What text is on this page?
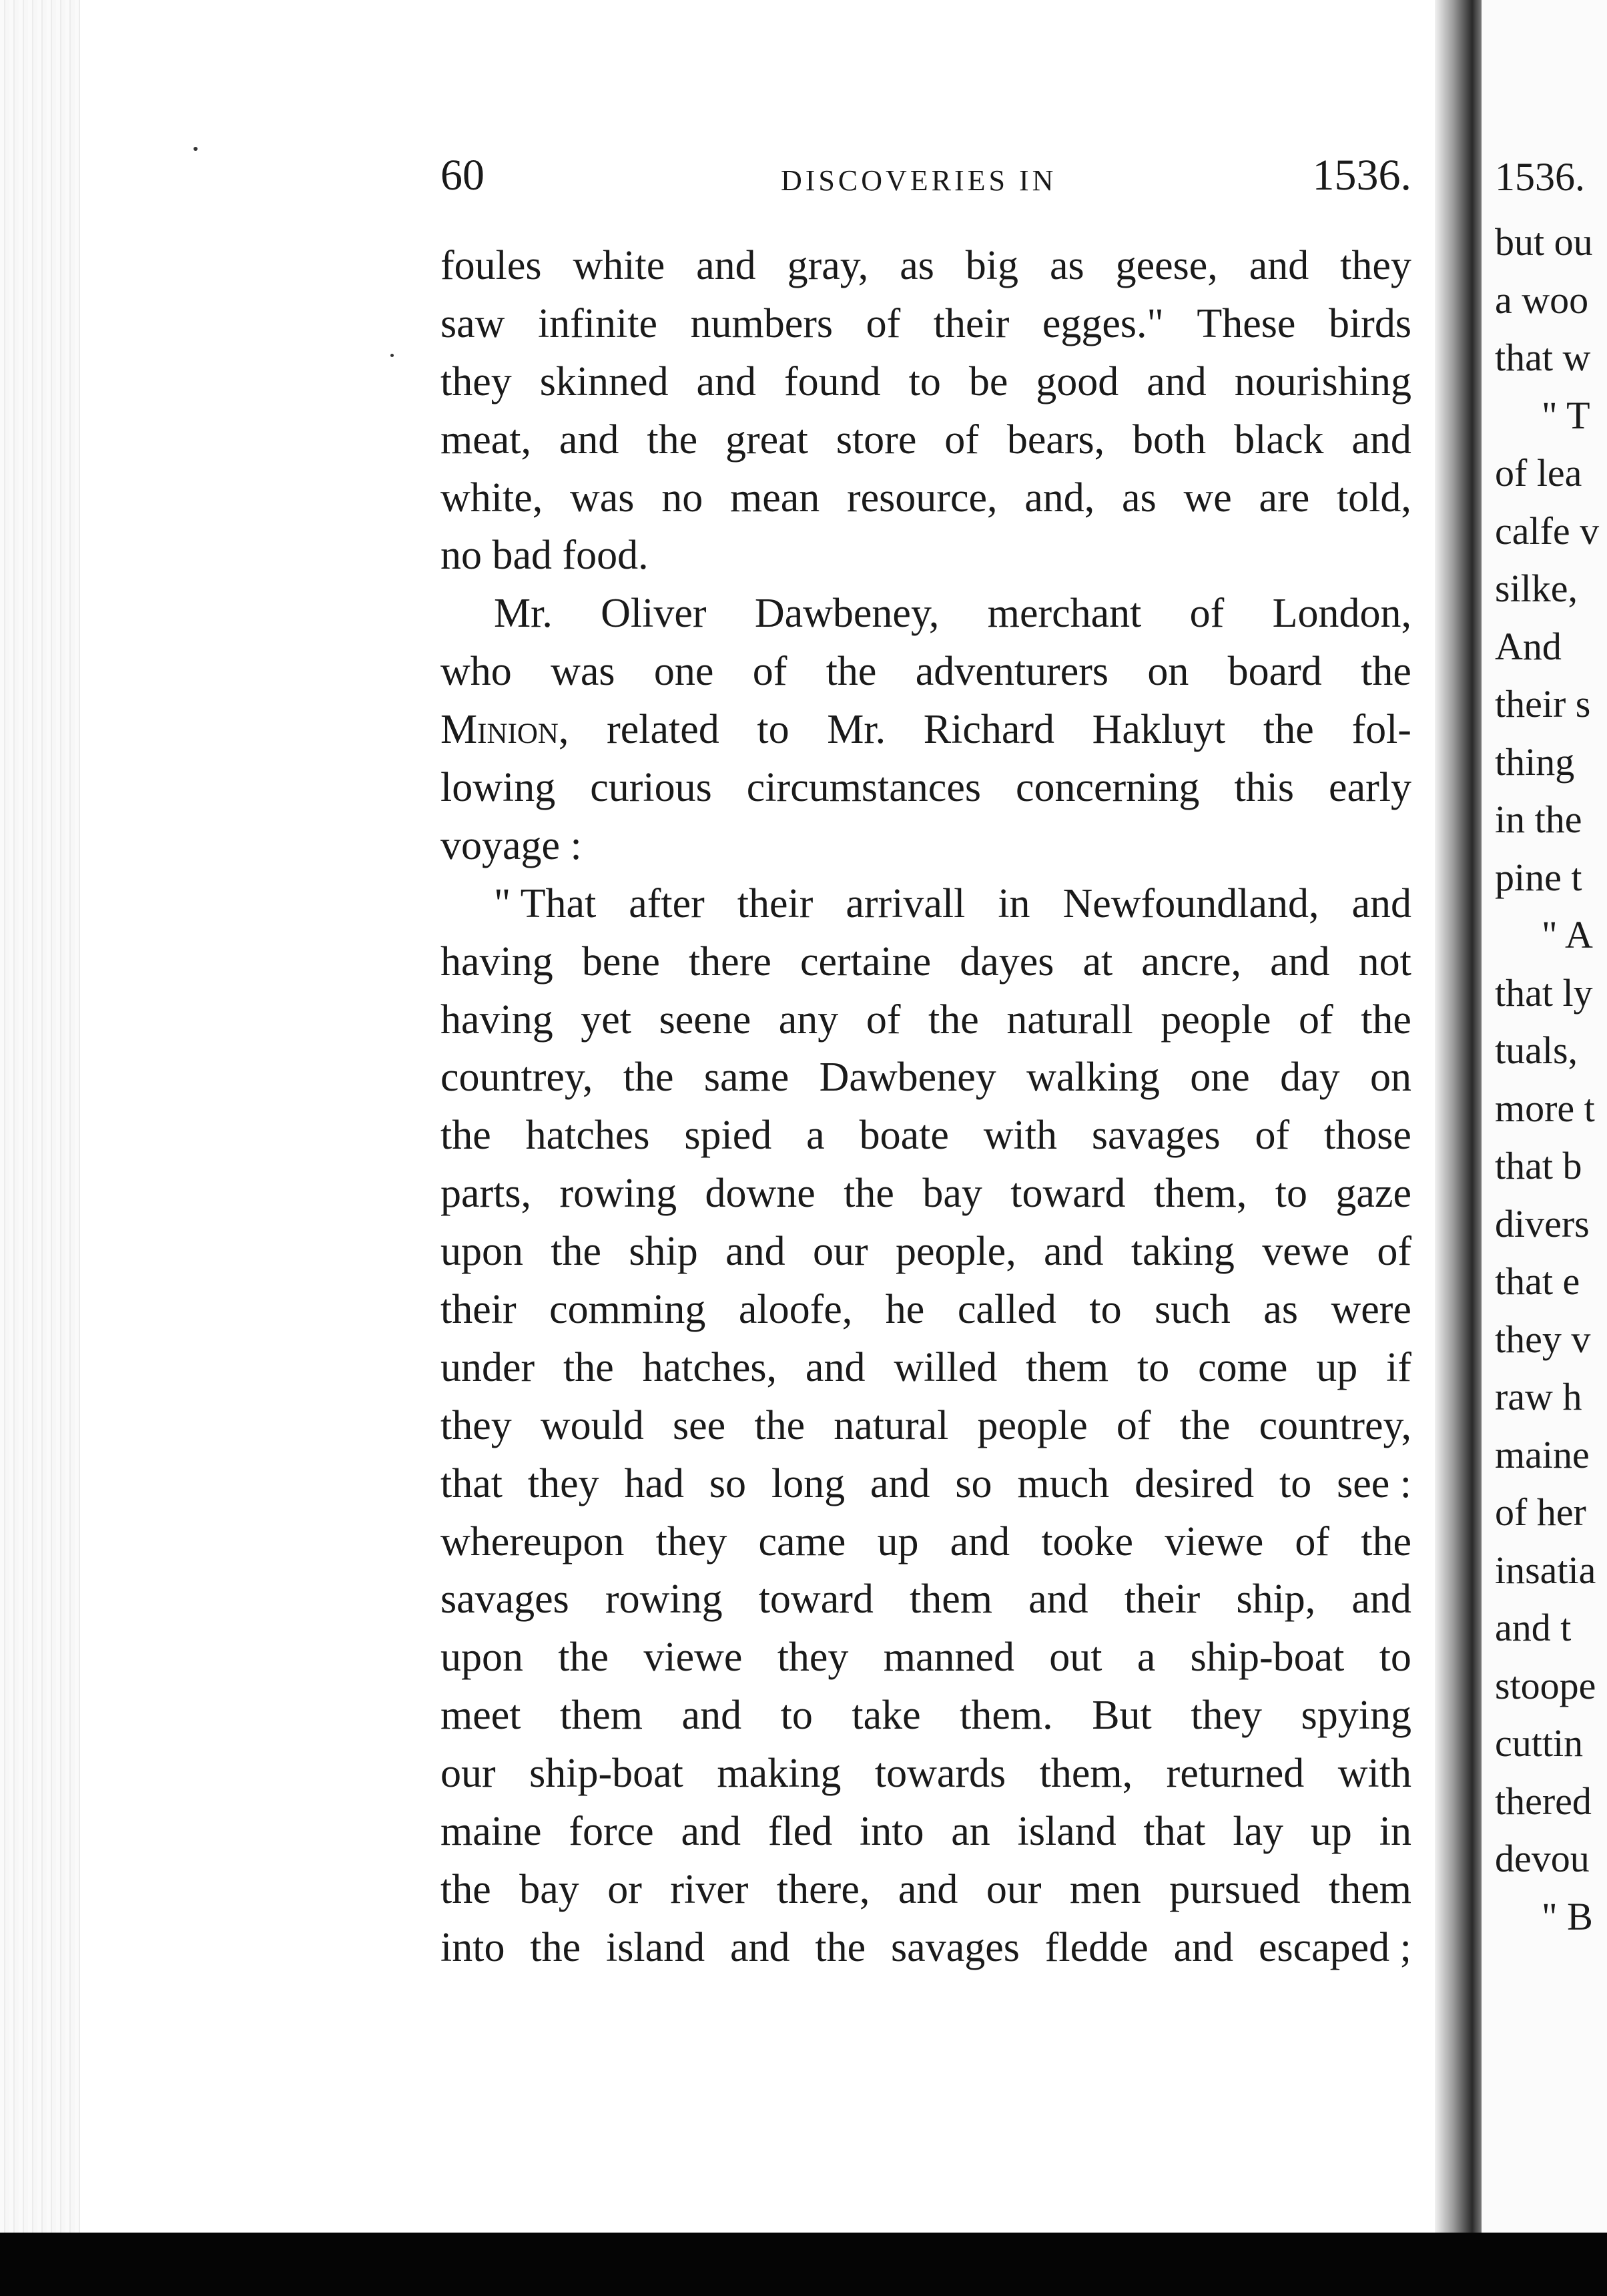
60	DISCOVERIES IN	1536.
foules white and gray, as big as geese, and they
saw infinite numbers of their egges." These birds
they skinned and found to be good and nourishing
meat, and the great store of bears, both black and
white, was no mean resource, and, as we are told,
no bad food.
Mr. Oliver Dawbeney, merchant of London,
who was one of the adventurers on board the
Minion, related to Mr. Richard Hakluyt the fol-
lowing curious circumstances concerning this early
voyage :
" That after their arrivall in Newfoundland, and
having bene there certaine dayes at ancre, and not
having yet seene any of the naturall people of the
countrey, the same Dawbeney walking one day on
the hatches spied a boate with savages of those
parts, rowing downe the bay toward them, to gaze
upon the ship and our people, and taking vewe of
their comming aloofe, he called to such as were
under the hatches, and willed them to come up if
they would see the natural people of the countrey,
that they had so long and so much desired to see :
whereupon they came up and tooke viewe of the
savages rowing toward them and their ship, and
upon the viewe they manned out a ship-boat to
meet them and to take them. But they spying
our ship-boat making towards them, returned with
maine force and fled into an island that lay up in
the bay or river there, and our men pursued them
into the island and the savages fledde and escaped ;
1536.
but ou
a woo
that w
" T
of lea
calfe v
silke,
And
their s
thing
in the
pine t
" A
that ly
tuals,
more t
that b
divers
that e
they v
raw h
maine
of her
insatia
and t
stoope
cuttin
thered
devou
" B
